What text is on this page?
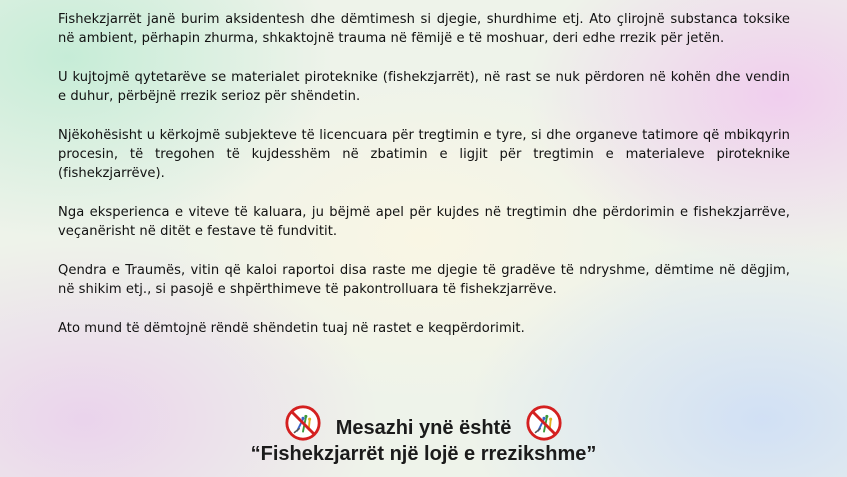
Fishekzjarrët janë burim aksidentesh dhe dëmtimesh si djegie, shurdhime etj. Ato çlirojnë substanca toksike në ambient, përhapin zhurma, shkaktojnë trauma në fëmijë e të moshuar, deri edhe rrezik për jetën.

U kujtojmë qytetarëve se materialet piroteknike (fishekzjarrët), në rast se nuk përdoren në kohën dhe vendin e duhur, përbëjnë rrezik serioz për shëndetin.

Njëkohësisht u kërkojmë subjekteve të licencuara për tregtimin e tyre, si dhe organeve tatimore që mbikqyrin procesin, të tregohen të kujdesshëm në zbatimin e ligjit për tregtimin e materialeve piroteknike (fishekzjarrëve).

Nga eksperienca e viteve të kaluara, ju bëjmë apel për kujdes në tregtimin dhe përdorimin e fishekzjarrëve, veçanërisht në ditët e festave të fundvitit.

Qendra e Traumës, vitin që kaloi raportoi disa raste me djegie të gradëve të ndryshme, dëmtime në dëgjim, në shikim etj., si pasojë e shpërthimeve të pakontrolluara të fishekzjarrëve.

Ato mund të dëmtojnë rëndë shëndetin tuaj në rastet e keqpërdorimit.

Mesazhi ynë është
“Fishekzjarrët një lojë e rrezikshme”
